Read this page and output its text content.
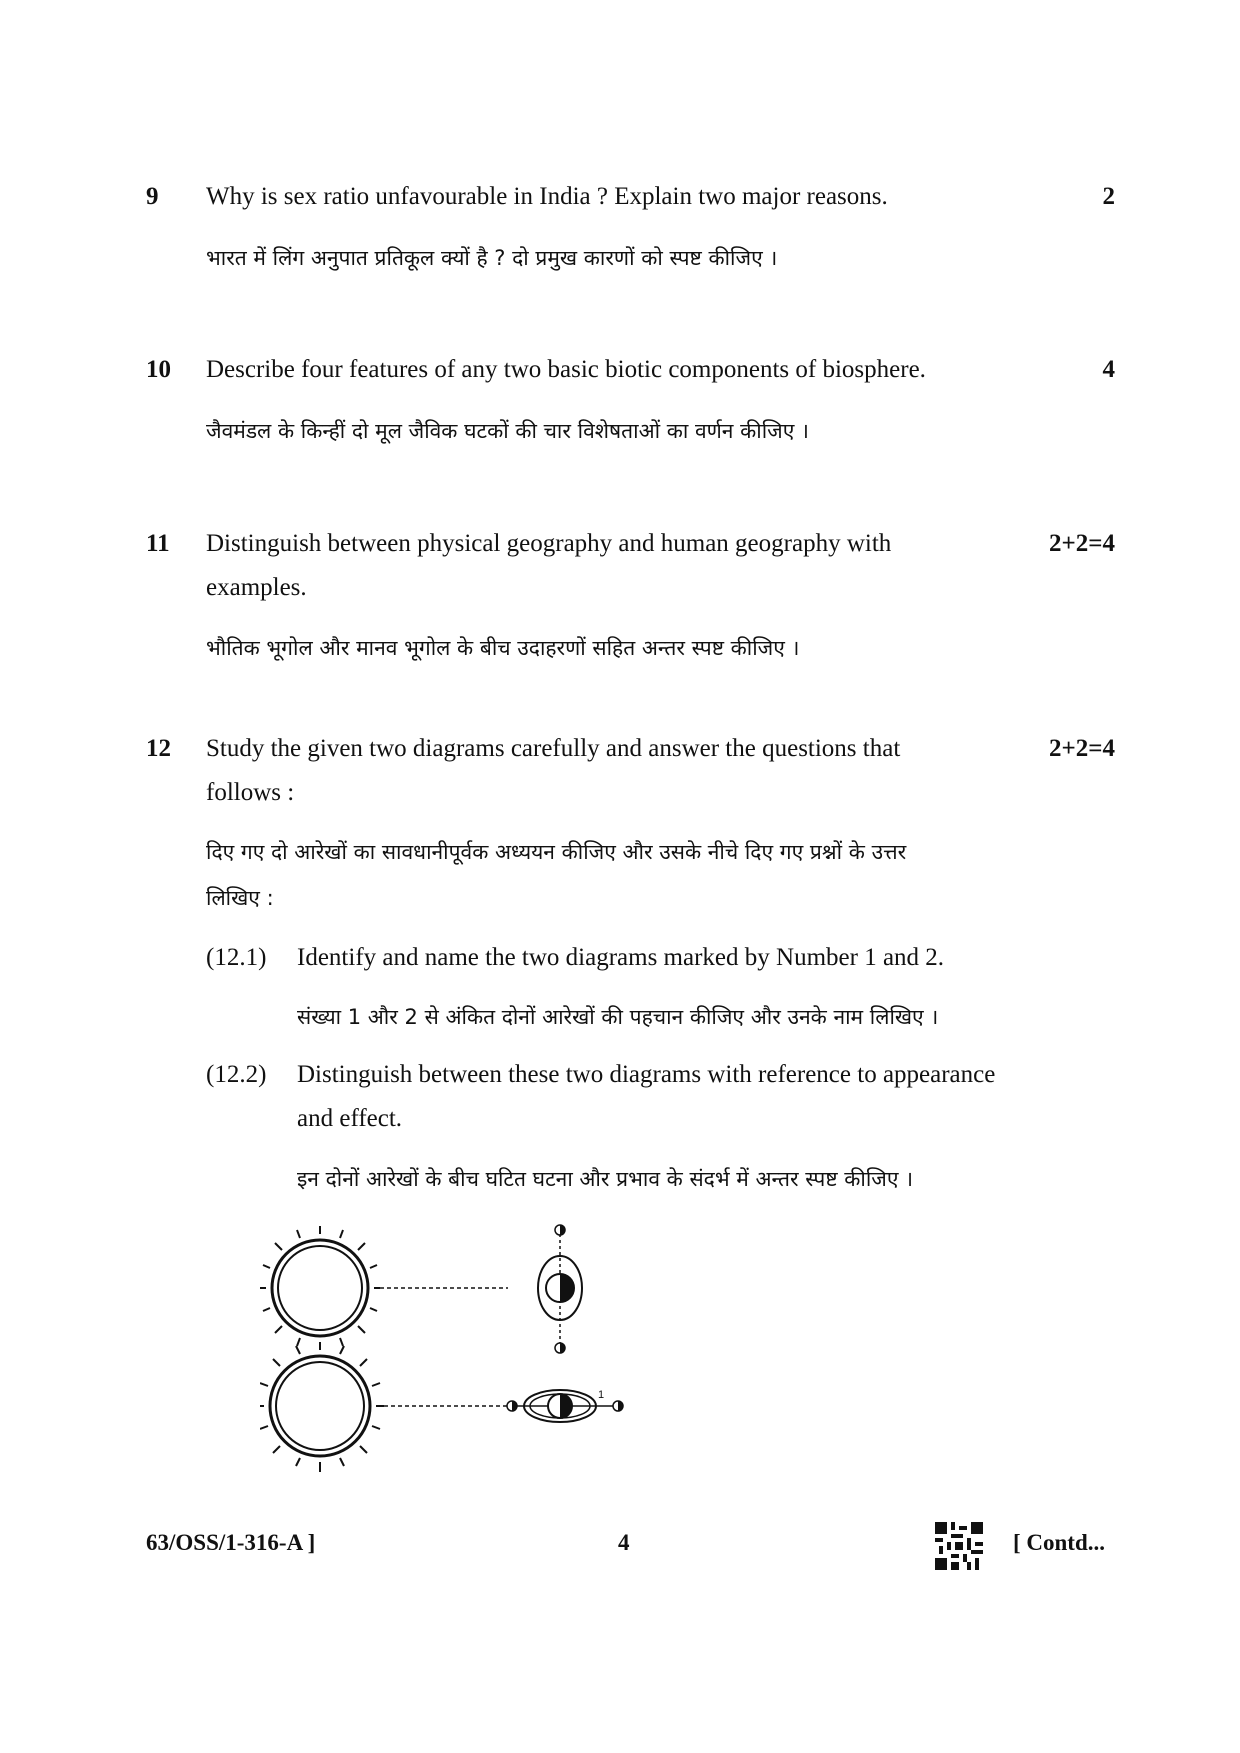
9 Why is sex ratio unfavourable in India ? Explain two major reasons.	2
भारत में लिंग अनुपात प्रतिकूल क्यों है ? दो प्रमुख कारणों को स्पष्ट कीजिए ।
10 Describe four features of any two basic biotic components of biosphere.	4
जैवमंडल के किन्हीं दो मूल जैविक घटकों की चार विशेषताओं का वर्णन कीजिए ।
11 Distinguish between physical geography and human geography with
examples.
2+2=4
भौतिक भूगोल और मानव भूगोल के बीच उदाहरणों सहित अन्तर स्पष्ट कीजिए ।
12 Study the given two diagrams carefully and answer the questions that
follows :
2+2=4
दिए गए दो आरेखों का सावधानीपूर्वक अध्ययन कीजिए और उसके नीचे दिए गए प्रश्नों के उत्तर
लिखिए :
(12.1) Identify and name the two diagrams marked by Number 1 and 2.
संख्या 1 और 2 से अंकित दोनों आरेखों की पहचान कीजिए और उनके नाम लिखिए ।
(12.2) Distinguish between these two diagrams with reference to appearance
and effect.
इन दोनों आरेखों के बीच घटित घटना और प्रभाव के संदर्भ में अन्तर स्पष्ट कीजिए ।
1
63/OSS/1-316-A ]	4	[ Contd...
